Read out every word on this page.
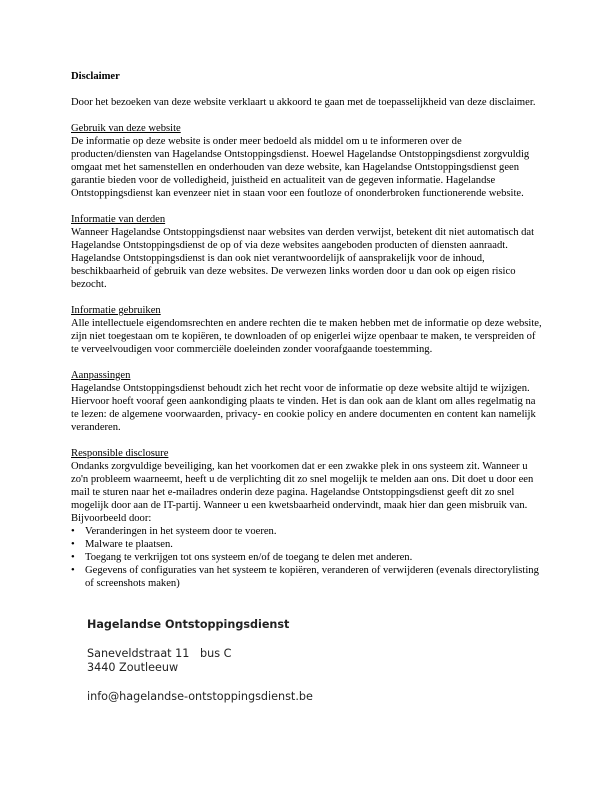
Disclaimer

Door het bezoeken van deze website verklaart u akkoord te gaan met de toepasselijkheid van deze disclaimer.

Gebruik van deze website

De informatie op deze website is onder meer bedoeld als middel om u te informeren over de producten/diensten van Hagelandse Ontstoppingsdienst. Hoewel Hagelandse Ontstoppingsdienst zorgvuldig omgaat met het samenstellen en onderhouden van deze website, kan Hagelandse Ontstoppingsdienst geen garantie bieden voor de volledigheid, juistheid en actualiteit van de gegeven informatie. Hagelandse Ontstoppingsdienst kan evenzeer niet in staan voor een foutloze of ononderbroken functionerende website.

Informatie van derden

Wanneer Hagelandse Ontstoppingsdienst naar websites van derden verwijst, betekent dit niet automatisch dat Hagelandse Ontstoppingsdienst de op of via deze websites aangeboden producten of diensten aanraadt. Hagelandse Ontstoppingsdienst is dan ook niet verantwoordelijk of aansprakelijk voor de inhoud, beschikbaarheid of gebruik van deze websites. De verwezen links worden door u dan ook op eigen risico bezocht.

Informatie gebruiken

Alle intellectuele eigendomsrechten en andere rechten die te maken hebben met de informatie op deze website, zijn niet toegestaan om te kopiëren, te downloaden of op enigerlei wijze openbaar te maken, te verspreiden of te verveelvoudigen voor commerciële doeleinden zonder voorafgaande toestemming.

Aanpassingen

Hagelandse Ontstoppingsdienst behoudt zich het recht voor de informatie op deze website altijd te wijzigen. Hiervoor hoeft vooraf geen aankondiging plaats te vinden. Het is dan ook aan de klant om alles regelmatig na te lezen: de algemene voorwaarden, privacy- en cookie policy en andere documenten en content kan namelijk veranderen.

Responsible disclosure

Ondanks zorgvuldige beveiliging, kan het voorkomen dat er een zwakke plek in ons systeem zit. Wanneer u zo'n probleem waarneemt, heeft u de verplichting dit zo snel mogelijk te melden aan ons. Dit doet u door een mail te sturen naar het e-mailadres onderin deze pagina. Hagelandse Ontstoppingsdienst geeft dit zo snel mogelijk door aan de IT-partij. Wanneer u een kwetsbaarheid ondervindt, maak hier dan geen misbruik van. Bijvoorbeeld door:

• Veranderingen in het systeem door te voeren.
• Malware te plaatsen.
• Toegang te verkrijgen tot ons systeem en/of de toegang te delen met anderen.
• Gegevens of configuraties van het systeem te kopiëren, veranderen of verwijderen (evenals directorylisting of screenshots maken)

Hagelandse Ontstoppingsdienst

Saneveldstraat 11   bus C

3440 Zoutleeuw

info@hagelandse-ontstoppingsdienst.be
